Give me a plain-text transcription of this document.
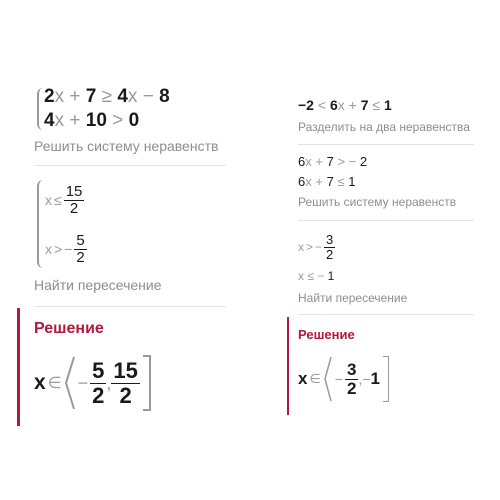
2x + 7 ≥ 4x − 8
4x + 10 > 0
Решить систему неравенств
$x \le \frac{15}{2}$
x > − $\frac{5}{2}$
Найти пересечение
Решение
x ∈ − $\frac{5}{2}$ , $\frac{15}{2}$
−2 < 6x + 7 ≤ 1
Разделить на два неравенства
6x + 7 > − 2
6x + 7 ≤ 1
Решить систему неравенств
x > − $\frac{3}{2}$
x ≤ − 1
Найти пересечение
Решение
x ∈ − $\frac{3}{2}$ , − 1
